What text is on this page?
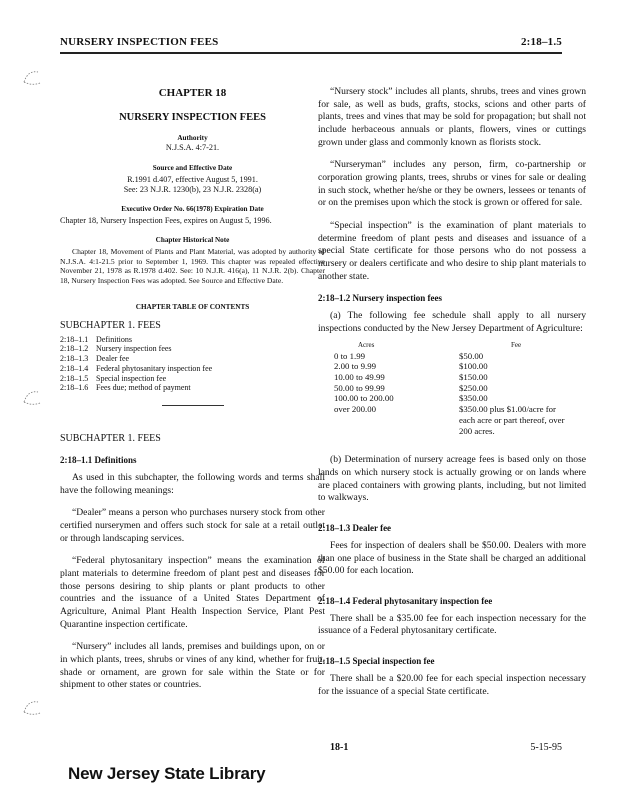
NURSERY INSPECTION FEES	2:18–1.5

CHAPTER 18

NURSERY INSPECTION FEES

Authority

N.J.S.A. 4:7-21.

Source and Effective Date

R.1991 d.407, effective August 5, 1991.

See: 23 N.J.R. 1230(b), 23 N.J.R. 2328(a)

Executive Order No. 66(1978) Expiration Date

Chapter 18, Nursery Inspection Fees, expires on August 5, 1996.

Chapter Historical Note

Chapter 18, Movement of Plants and Plant Material, was adopted by authority of N.J.S.A. 4:1-21.5 prior to September 1, 1969. This chapter was repealed effective November 21, 1978 as R.1978 d.402. See: 10 N.J.R. 416(a), 11 N.J.R. 2(b). Chapter 18, Nursery Inspection Fees was adopted. See Source and Effective Date.

CHAPTER TABLE OF CONTENTS

SUBCHAPTER 1. FEES

2:18–1.1 Definitions
2:18–1.2 Nursery inspection fees
2:18–1.3 Dealer fee
2:18–1.4 Federal phytosanitary inspection fee
2:18–1.5 Special inspection fee
2:18–1.6 Fees due; method of payment

SUBCHAPTER 1. FEES

2:18–1.1 Definitions

As used in this subchapter, the following words and terms shall have the following meanings:

“Dealer” means a person who purchases nursery stock from other certified nurserymen and offers such stock for sale at a retail outlet or through landscaping services.

“Federal phytosanitary inspection” means the examination of plant materials to determine freedom of plant pest and diseases for those persons desiring to ship plants or plant products to other countries and the issuance of a United States Department of Agriculture, Animal Plant Health Inspection Service, Plant Pest Quarantine inspection certificate.

“Nursery” includes all lands, premises and buildings upon, on or in which plants, trees, shrubs or vines of any kind, whether for fruit, shade or ornament, are grown for sale within the State or for shipment to other states or countries.

“Nursery stock” includes all plants, shrubs, trees and vines grown for sale, as well as buds, grafts, stocks, scions and other parts of plants, trees and vines that may be sold for propagation; but shall not include herbaceous annuals or plants, flowers, vines or cuttings grown under glass and commonly known as florists stock.

“Nurseryman” includes any person, firm, co-partnership or corporation growing plants, trees, shrubs or vines for sale or dealing in such stock, whether he/she or they be owners, lessees or tenants of or on the premises upon which the stock is grown or offered for sale.

“Special inspection” is the examination of plant materials to determine freedom of plant pests and diseases and issuance of a special State certificate for those persons who do not possess a nursery or dealers certificate and who desire to ship plant materials to another state.

2:18–1.2 Nursery inspection fees

(a) The following fee schedule shall apply to all nursery inspections conducted by the New Jersey Department of Agriculture:

Acres	Fee
0 to 1.99	$50.00
2.00 to 9.99	$100.00
10.00 to 49.99	$150.00
50.00 to 99.99	$250.00
100.00 to 200.00	$350.00
over 200.00	$350.00 plus $1.00/acre for each acre or part thereof, over 200 acres.

(b) Determination of nursery acreage fees is based only on those lands on which nursery stock is actually growing or on lands where are placed containers with growing plants, including, but not limited to walkways.

2:18–1.3 Dealer fee

Fees for inspection of dealers shall be $50.00. Dealers with more than one place of business in the State shall be charged an additional $50.00 for each location.

2:18–1.4 Federal phytosanitary inspection fee

There shall be a $35.00 fee for each inspection necessary for the issuance of a Federal phytosanitary certificate.

2:18–1.5 Special inspection fee

There shall be a $20.00 fee for each special inspection necessary for the issuance of a special State certificate.

18-1	5-15-95
New Jersey State Library
